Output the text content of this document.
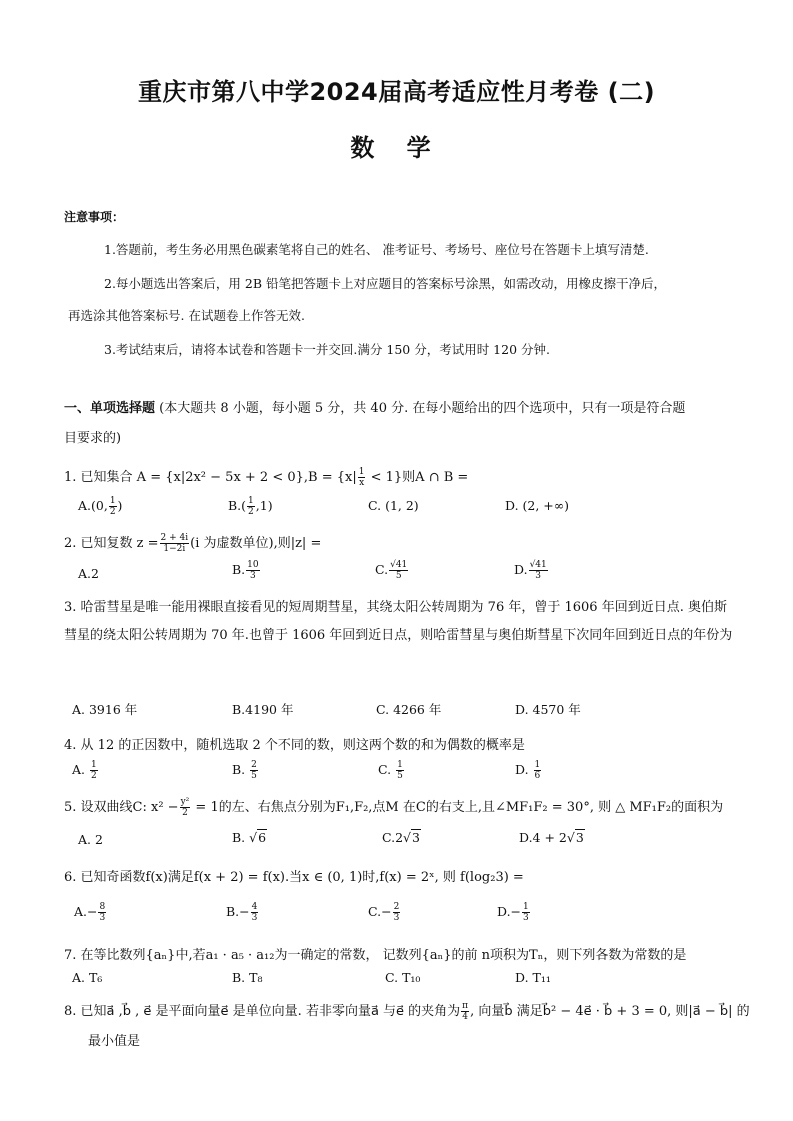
重庆市第八中学2024届高考适应性月考卷 (二)
数 学
注意事项：
1.答题前，考生务必用黑色碳素笔将自己的姓名、 准考证号、考场号、座位号在答题卡上填写清楚.
2.每小题选出答案后，用 2B 铅笔把答题卡上对应题目的答案标号涂黑，如需改动，用橡皮擦干净后，
再选涂其他答案标号. 在试题卷上作答无效.
3.考试结束后，请将本试卷和答题卡一并交回.满分 150 分，考试用时 120 分钟.
一、单项选择题 (本大题共 8 小题，每小题 5 分，共 40 分. 在每小题给出的四个选项中，只有一项是符合题
目要求的)
1. 已知集合 $A = \{x|2x^2 - 5x + 2 < 0\},B = \{x| \frac{1}{x} < 1\}$则A ∩ B =
A.(0, $\frac{1}{2}$ )	$B.( \frac{1}{2} ,1)$	C. (1, 2)	D. (2, +∞)
2. 已知复数 $z = \frac{2 + 4i}{1-2i} (i$ 为虚数单位),则|z| =
A.2	B. $\frac{10}{3}$	C. $\frac{√41}{5}$	D. $\frac{√41}{3}$
3. 哈雷彗星是唯一能用裸眼直接看见的短周期彗星，其绕太阳公转周期为 76 年，曾于 1606 年回到近日点. 奥伯斯彗星的绕太阳公转周期为 70 年.也曾于 1606 年回到近日点，则哈雷彗星与奥伯斯彗星下次同年回到近日点的年份为
A. 3916 年	B.4190 年	C. 4266 年	D. 4570 年
4. 从 12 的正因数中，随机选取 2 个不同的数，则这两个数的和为偶数的概率是
A. $\frac{1}{2}$	B. $\frac{2}{5}$	C. $\frac{1}{5}$	D. $\frac{1}{6}$
5. 设双曲线C: $x^2 - \frac{\text{y²}}{2} = 1$的左、右焦点分别为F₁,F₂,点M 在C的右支上,且∠MF₁F₂ = 30°, 则 △ MF₁F₂的面积为
A. 2	B. √6	C.2√3	D.4 + 2√3
6. 已知奇函数f(x)满足f(x + 2) = f(x).当x ∈ (0, 1)时,f(x) = 2ˣ, 则 f(log₂3) =
$A.- \frac{8}{3}$	$B.- \frac{4}{3}$	$C.- \frac{2}{3}$	$D.- \frac{1}{3}$
7. 在等比数列{aₙ}中,若a₁ · a₅ · a₁₂为一确定的常数， 记数列{aₙ}的前 n项积为Tₙ，则下列各数为常数的是
A. T₆	B. T₈	C. T₁₀	D. T₁₁
8. 已知a⃗ ,b⃗ , e⃗ 是平面向量e⃗ 是单位向量. 若非零向量a⃗ 与e⃗ 的夹角为 $\frac{\pi}{4}$ , 向量b⃗ 满足b⃗² − 4e⃗ · b⃗ + 3 = 0, 则|a⃗ − b⃗| 的
最小值是
